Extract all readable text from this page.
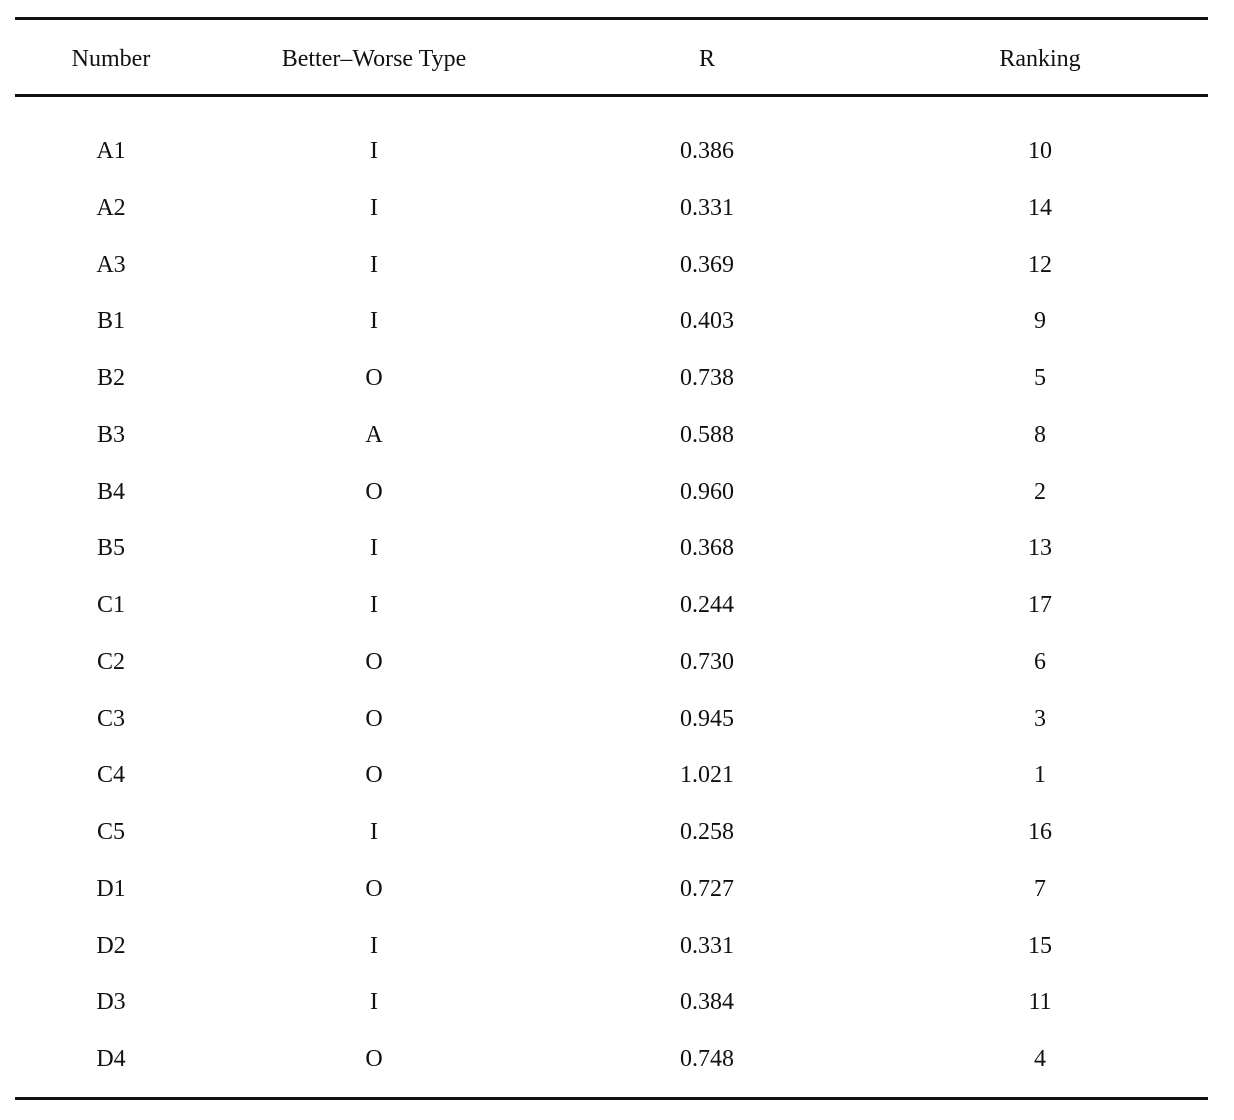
Number	Better–Worse Type	R	Ranking
A1	I	0.386	10
A2	I	0.331	14
A3	I	0.369	12
B1	I	0.403	9
B2	O	0.738	5
B3	A	0.588	8
B4	O	0.960	2
B5	I	0.368	13
C1	I	0.244	17
C2	O	0.730	6
C3	O	0.945	3
C4	O	1.021	1
C5	I	0.258	16
D1	O	0.727	7
D2	I	0.331	15
D3	I	0.384	11
D4	O	0.748	4
